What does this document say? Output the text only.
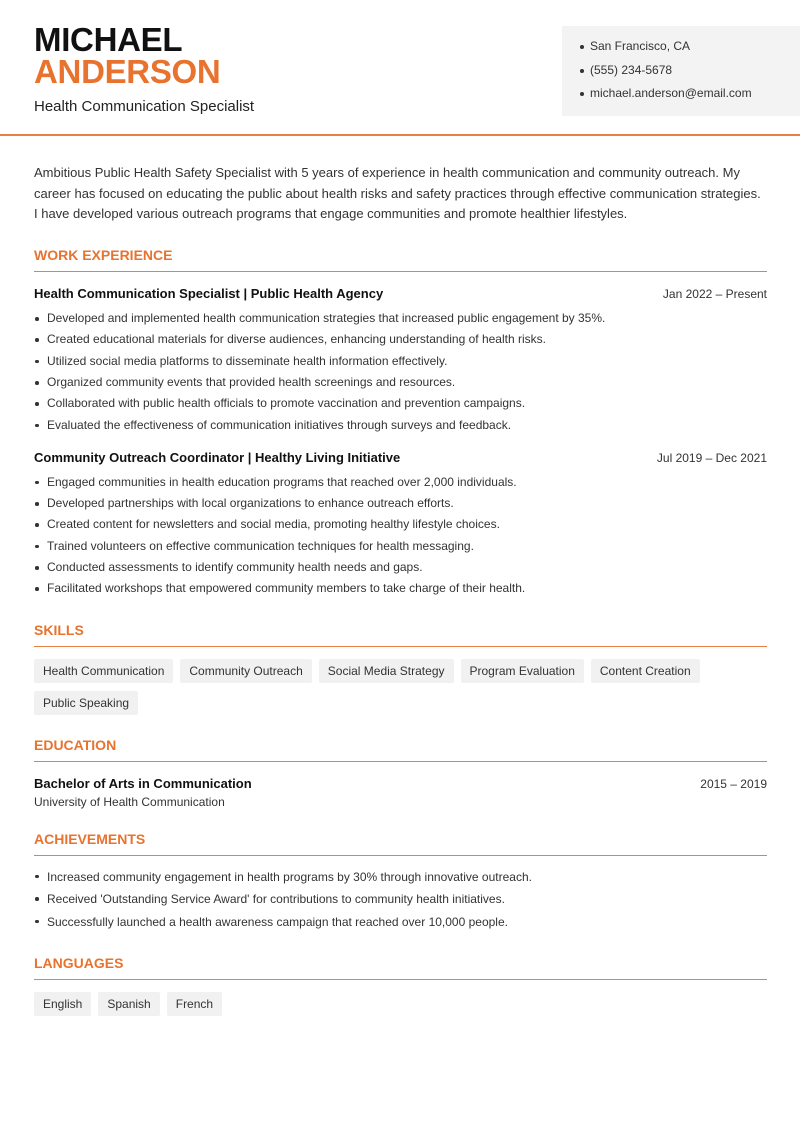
MICHAEL
ANDERSON
Health Communication Specialist
San Francisco, CA
(555) 234-5678
michael.anderson@email.com

Ambitious Public Health Safety Specialist with 5 years of experience in health communication and community outreach. My career has focused on educating the public about health risks and safety practices through effective communication strategies. I have developed various outreach programs that engage communities and promote healthier lifestyles.

WORK EXPERIENCE
Health Communication Specialist | Public Health Agency	Jan 2022 – Present
Developed and implemented health communication strategies that increased public engagement by 35%.
Created educational materials for diverse audiences, enhancing understanding of health risks.
Utilized social media platforms to disseminate health information effectively.
Organized community events that provided health screenings and resources.
Collaborated with public health officials to promote vaccination and prevention campaigns.
Evaluated the effectiveness of communication initiatives through surveys and feedback.
Community Outreach Coordinator | Healthy Living Initiative	Jul 2019 – Dec 2021
Engaged communities in health education programs that reached over 2,000 individuals.
Developed partnerships with local organizations to enhance outreach efforts.
Created content for newsletters and social media, promoting healthy lifestyle choices.
Trained volunteers on effective communication techniques for health messaging.
Conducted assessments to identify community health needs and gaps.
Facilitated workshops that empowered community members to take charge of their health.
SKILLS
Health Communication	Community Outreach	Social Media Strategy	Program Evaluation	Content Creation
Public Speaking
EDUCATION
Bachelor of Arts in Communication	2015 – 2019
University of Health Communication
ACHIEVEMENTS
Increased community engagement in health programs by 30% through innovative outreach.
Received 'Outstanding Service Award' for contributions to community health initiatives.
Successfully launched a health awareness campaign that reached over 10,000 people.
LANGUAGES
English	Spanish	French
